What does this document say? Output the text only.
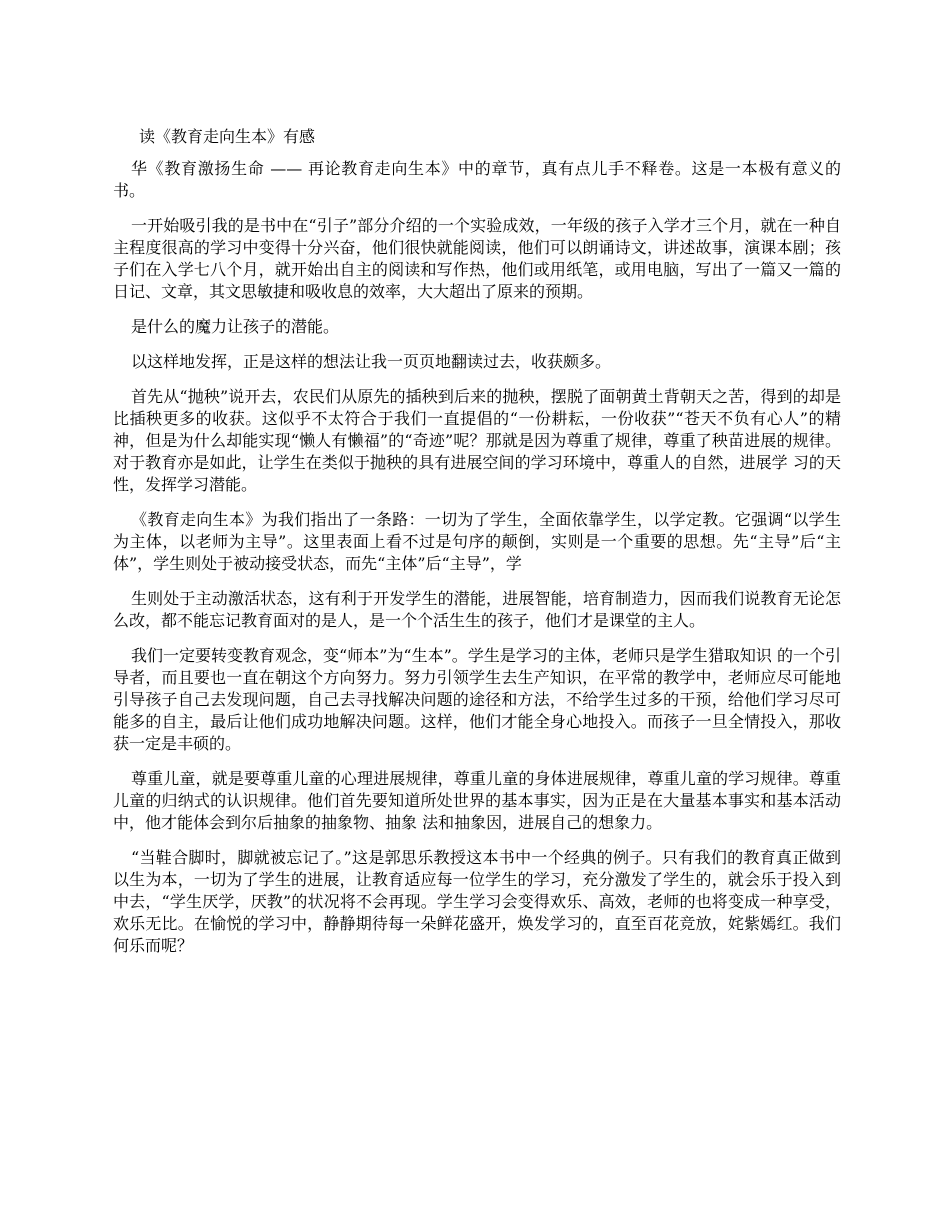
读《教育走向生本》有感

华《教育激扬生命 —— 再论教育走向生本》中的章节，真有点儿手不释卷。这是一本极有意义的书。

一开始吸引我的是书中在“引子”部分介绍的一个实验成效，一年级的孩子入学才三个月，就在一种自主程度很高的学习中变得十分兴奋，他们很快就能阅读，他们可以朗诵诗文，讲述故事，演课本剧；孩子们在入学七八个月，就开始出自主的阅读和写作热，他们或用纸笔，或用电脑，写出了一篇又一篇的 日记、文章，其文思敏捷和吸收息的效率，大大超出了原来的预期。

是什么的魔力让孩子的潜能。

以这样地发挥，正是这样的想法让我一页页地翻读过去，收获颇多。

首先从“抛秧”说开去，农民们从原先的插秧到后来的抛秧，摆脱了面朝黄土背朝天之苦，得到的却是比插秧更多的收获。这似乎不太符合于我们一直提倡的“一份耕耘，一份收获”“苍天不负有心人”的精神，但是为什么却能实现“懒人有懒福”的“奇迹”呢？那就是因为尊重了规律，尊重了秧苗进展的规律。对于教育亦是如此，让学生在类似于抛秧的具有进展空间的学习环境中，尊重人的自然，进展学 习的天性，发挥学习潜能。

《教育走向生本》为我们指出了一条路：一切为了学生，全面依靠学生，以学定教。它强调“以学生为主体，以老师为主导”。这里表面上看不过是句序的颠倒，实则是一个重要的思想。先“主导”后“主体”，学生则处于被动接受状态，而先“主体”后“主导”，学

生则处于主动激活状态，这有利于开发学生的潜能，进展智能，培育制造力，因而我们说教育无论怎么改，都不能忘记教育面对的是人，是一个个活生生的孩子，他们才是课堂的主人。

我们一定要转变教育观念，变“师本”为“生本”。学生是学习的主体，老师只是学生猎取知识 的一个引导者，而且要也一直在朝这个方向努力。努力引领学生去生产知识，在平常的教学中，老师应尽可能地引导孩子自己去发现问题，自己去寻找解决问题的途径和方法，不给学生过多的干预，给他们学习尽可能多的自主，最后让他们成功地解决问题。这样，他们才能全身心地投入。而孩子一旦全情投入，那收获一定是丰硕的。

尊重儿童，就是要尊重儿童的心理进展规律，尊重儿童的身体进展规律，尊重儿童的学习规律。尊重儿童的归纳式的认识规律。他们首先要知道所处世界的基本事实，因为正是在大量基本事实和基本活动中，他才能体会到尔后抽象的抽象物、抽象 法和抽象因，进展自己的想象力。

“当鞋合脚时，脚就被忘记了。”这是郭思乐教授这本书中一个经典的例子。只有我们的教育真正做到以生为本，一切为了学生的进展，让教育适应每一位学生的学习，充分激发了学生的，就会乐于投入到中去，“学生厌学，厌教”的状况将不会再现。学生学习会变得欢乐、高效，老师的也将变成一种享受，欢乐无比。在愉悦的学习中，静静期待每一朵鲜花盛开，焕发学习的，直至百花竞放，姹紫嫣红。我们何乐而呢？
